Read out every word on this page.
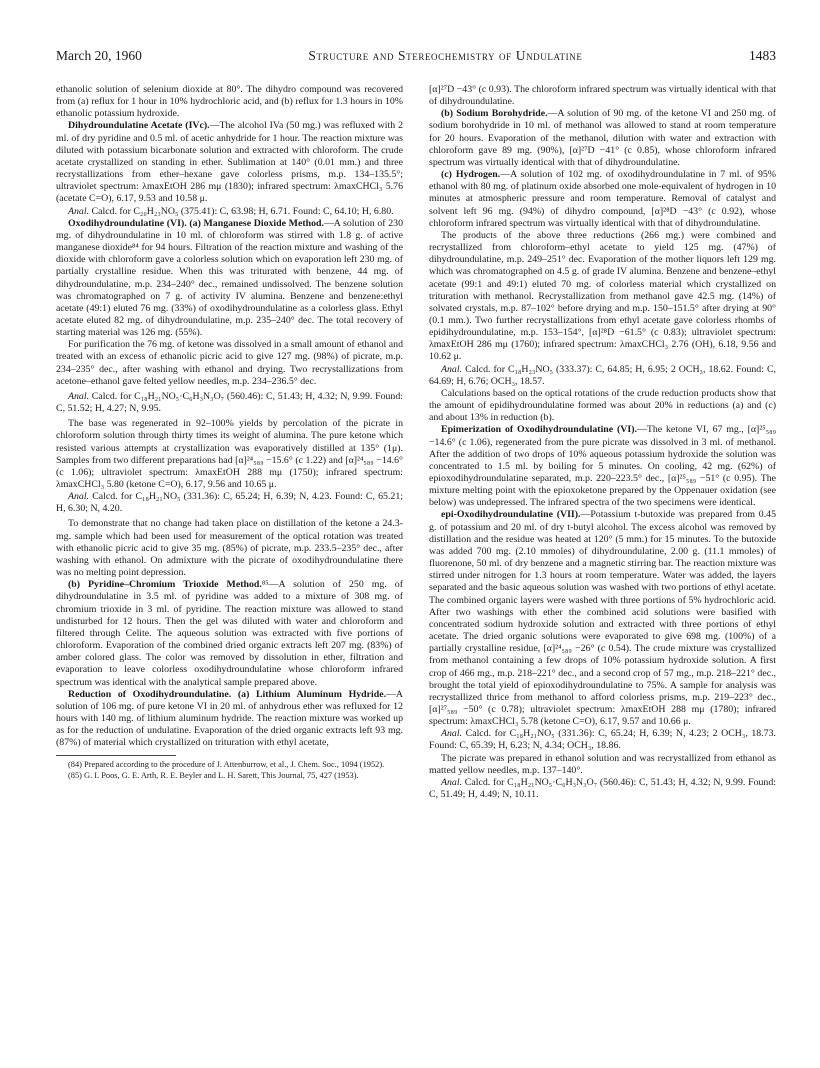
March 20, 1960	Structure and Stereochemistry of Undulatine	1483

ethanolic solution of selenium dioxide at 80°. The dihydro compound was recovered from (a) reflux for 1 hour in 10% hydrochloric acid, and (b) reflux for 1.3 hours in 10% ethanolic potassium hydroxide.

Dihydroundulatine Acetate (IVc).—The alcohol IVa (50 mg.) was refluxed with 2 ml. of dry pyridine and 0.5 ml. of acetic anhydride for 1 hour. The reaction mixture was diluted with potassium bicarbonate solution and extracted with chloroform. The crude acetate crystallized on standing in ether. Sublimation at 140° (0.01 mm.) and three recrystallizations from ether–hexane gave colorless prisms, m.p. 134–135.5°; ultraviolet spectrum: λmaxEtOH 286 mμ (1830); infrared spectrum: λmaxCHCl₃ 5.76 (acetate C=O), 6.17, 9.53 and 10.58 μ.

Anal. Calcd. for C₂₀H₂₃NO₅ (375.41): C, 63.98; H, 6.71. Found: C, 64.10; H, 6.80.

Oxodihydroundulatine (VI). (a) Manganese Dioxide Method.—A solution of 230 mg. of dihydroundulatine in 10 ml. of chloroform was stirred with 1.8 g. of active manganese dioxide⁸⁴ for 94 hours. Filtration of the reaction mixture and washing of the dioxide with chloroform gave a colorless solution which on evaporation left 230 mg. of partially crystalline residue. When this was triturated with benzene, 44 mg. of dihydroundulatine, m.p. 234–240° dec., remained undissolved. The benzene solution was chromatographed on 7 g. of activity IV alumina. Benzene and benzene:ethyl acetate (49:1) eluted 76 mg. (33%) of oxodihydroundulatine as a colorless glass. Ethyl acetate eluted 82 mg. of dihydroundulatine, m.p. 235–240° dec. The total recovery of starting material was 126 mg. (55%).

For purification the 76 mg. of ketone was dissolved in a small amount of ethanol and treated with an excess of ethanolic picric acid to give 127 mg. (98%) of picrate, m.p. 234–235° dec., after washing with ethanol and drying. Two recrystallizations from acetone–ethanol gave felted yellow needles, m.p. 234–236.5° dec.

Anal. Calcd. for C₁₈H₂₁NO₅·C₆H₃N₃O₇ (560.46): C, 51.43; H, 4.32; N, 9.99. Found: C, 51.52; H, 4.27; N, 9.95.

The base was regenerated in 92–100% yields by percolation of the picrate in chloroform solution through thirty times its weight of alumina. The pure ketone which resisted various attempts at crystallization was evaporatively distilled at 135° (1μ). Samples from two different preparations had [α]²⁴₅₈₉ −15.6° (c 1.22) and [α]²⁴₅₈₉ −14.6° (c 1.06); ultraviolet spectrum: λmaxEtOH 288 mμ (1750); infrared spectrum: λmaxCHCl₃ 5.80 (ketone C=O), 6.17, 9.56 and 10.65 μ.

Anal. Calcd. for C₁₈H₂₁NO₅ (331.36): C, 65.24; H, 6.39; N, 4.23. Found: C, 65.21; H, 6.30; N, 4.20.

To demonstrate that no change had taken place on distillation of the ketone a 24.3-mg. sample which had been used for measurement of the optical rotation was treated with ethanolic picric acid to give 35 mg. (85%) of picrate, m.p. 233.5–235° dec., after washing with ethanol. On admixture with the picrate of oxodihydroundulatine there was no melting point depression.

(b) Pyridine–Chromium Trioxide Method.⁸⁵—A solution of 250 mg. of dihydroundulatine in 3.5 ml. of pyridine was added to a mixture of 308 mg. of chromium trioxide in 3 ml. of pyridine. The reaction mixture was allowed to stand undisturbed for 12 hours. Then the gel was diluted with water and chloroform and filtered through Celite. The aqueous solution was extracted with five portions of chloroform. Evaporation of the combined dried organic extracts left 207 mg. (83%) of amber colored glass. The color was removed by dissolution in ether, filtration and evaporation to leave colorless oxodihydroundulatine whose chloroform infrared spectrum was identical with the analytical sample prepared above.

Reduction of Oxodihydroundulatine. (a) Lithium Aluminum Hydride.—A solution of 106 mg. of pure ketone VI in 20 ml. of anhydrous ether was refluxed for 12 hours with 140 mg. of lithium aluminum hydride. The reaction mixture was worked up as for the reduction of undulatine. Evaporation of the dried organic extracts left 93 mg. (87%) of material which crystallized on trituration with ethyl acetate,

(84) Prepared according to the procedure of J. Attenburrow, et al., J. Chem. Soc., 1094 (1952).

(85) G. I. Poos, G. E. Arth, R. E. Beyler and L. H. Sarett, This Journal, 75, 427 (1953).

[α]²⁷D −43° (c 0.93). The chloroform infrared spectrum was virtually identical with that of dihydroundulatine.

(b) Sodium Borohydride.—A solution of 90 mg. of the ketone VI and 250 mg. of sodium borohydride in 10 ml. of methanol was allowed to stand at room temperature for 20 hours. Evaporation of the methanol, dilution with water and extraction with chloroform gave 89 mg. (90%), [α]²⁷D −41° (c 0.85), whose chloroform infrared spectrum was virtually identical with that of dihydroundulatine.

(c) Hydrogen.—A solution of 102 mg. of oxodihydroundulatine in 7 ml. of 95% ethanol with 80 mg. of platinum oxide absorbed one mole-equivalent of hydrogen in 10 minutes at atmospheric pressure and room temperature. Removal of catalyst and solvent left 96 mg. (94%) of dihydro compound, [α]²⁸D −43° (c 0.92), whose chloroform infrared spectrum was virtually identical with that of dihydroundulatine.

The products of the above three reductions (266 mg.) were combined and recrystallized from chloroform–ethyl acetate to yield 125 mg. (47%) of dihydroundulatine, m.p. 249–251° dec. Evaporation of the mother liquors left 129 mg. which was chromatographed on 4.5 g. of grade IV alumina. Benzene and benzene–ethyl acetate (99:1 and 49:1) eluted 70 mg. of colorless material which crystallized on trituration with methanol. Recrystallization from methanol gave 42.5 mg. (14%) of solvated crystals, m.p. 87–102° before drying and m.p. 150–151.5° after drying at 90° (0.1 mm.). Two further recrystallizations from ethyl acetate gave colorless rhombs of epidihydroundulatine, m.p. 153–154°, [α]²⁸D −61.5° (c 0.83); ultraviolet spectrum: λmaxEtOH 286 mμ (1760); infrared spectrum: λmaxCHCl₃ 2.76 (OH), 6.18, 9.56 and 10.62 μ.

Anal. Calcd. for C₁₈H₂₃NO₅ (333.37): C, 64.85; H, 6.95; 2 OCH₃, 18.62. Found: C, 64.69; H, 6.76; OCH₃, 18.57.

Calculations based on the optical rotations of the crude reduction products show that the amount of epidihydroundulatine formed was about 20% in reductions (a) and (c) and about 13% in reduction (b).

Epimerization of Oxodihydroundulatine (VI).—The ketone VI, 67 mg., [α]²⁵₅₈₉ −14.6° (c 1.06), regenerated from the pure picrate was dissolved in 3 ml. of methanol. After the addition of two drops of 10% aqueous potassium hydroxide the solution was concentrated to 1.5 ml. by boiling for 5 minutes. On cooling, 42 mg. (62%) of epioxodihydroundulatine separated, m.p. 220–223.5° dec., [α]²⁵₅₈₉ −51° (c 0.95). The mixture melting point with the epioxoketone prepared by the Oppenauer oxidation (see below) was undepressed. The infrared spectra of the two specimens were identical.

epi-Oxodihydroundulatine (VII).—Potassium t-butoxide was prepared from 0.45 g. of potassium and 20 ml. of dry t-butyl alcohol. The excess alcohol was removed by distillation and the residue was heated at 120° (5 mm.) for 15 minutes. To the butoxide was added 700 mg. (2.10 mmoles) of dihydroundulatine, 2.00 g. (11.1 mmoles) of fluorenone, 50 ml. of dry benzene and a magnetic stirring bar. The reaction mixture was stirred under nitrogen for 1.3 hours at room temperature. Water was added, the layers separated and the basic aqueous solution was washed with two portions of ethyl acetate. The combined organic layers were washed with three portions of 5% hydrochloric acid. After two washings with ether the combined acid solutions were basified with concentrated sodium hydroxide solution and extracted with three portions of ethyl acetate. The dried organic solutions were evaporated to give 698 mg. (100%) of a partially crystalline residue, [α]²⁴₅₈₉ −26° (c 0.54). The crude mixture was crystallized from methanol containing a few drops of 10% potassium hydroxide solution. A first crop of 466 mg., m.p. 218–221° dec., and a second crop of 57 mg., m.p. 218–221° dec., brought the total yield of epioxodihydroundulatine to 75%. A sample for analysis was recrystallized thrice from methanol to afford colorless prisms, m.p. 219–223° dec., [α]²⁷₅₈₉ −50° (c 0.78); ultraviolet spectrum: λmaxEtOH 288 mμ (1780); infrared spectrum: λmaxCHCl₃ 5.78 (ketone C=O), 6.17, 9.57 and 10.66 μ.

Anal. Calcd. for C₁₈H₂₁NO₅ (331.36): C, 65.24; H, 6.39; N, 4.23; 2 OCH₃, 18.73. Found: C, 65.39; H, 6.23; N, 4.34; OCH₃, 18.86.

The picrate was prepared in ethanol solution and was recrystallized from ethanol as matted yellow needles, m.p. 137–140°.

Anal. Calcd. for C₁₈H₂₁NO₅·C₆H₃N₃O₇ (560.46): C, 51.43; H, 4.32; N, 9.99. Found: C, 51.49; H, 4.49; N, 10.11.
